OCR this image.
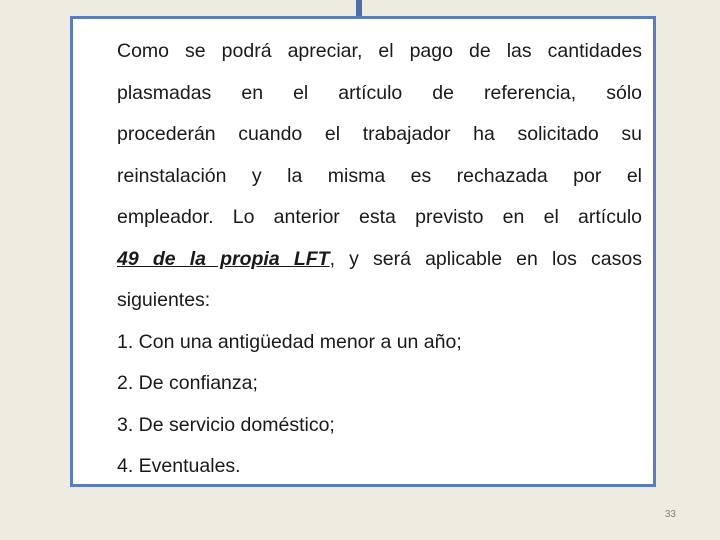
Como se podrá apreciar, el pago de las cantidades
plasmadas en el artículo de referencia, sólo
procederán cuando el trabajador ha solicitado su
reinstalación y la misma es rechazada por el
empleador. Lo anterior esta previsto en el artículo
49 de la propia LFT, y será aplicable en los casos
siguientes:
1. Con una antigüedad menor a un año;
2. De confianza;
3. De servicio doméstico;
4. Eventuales.
33
